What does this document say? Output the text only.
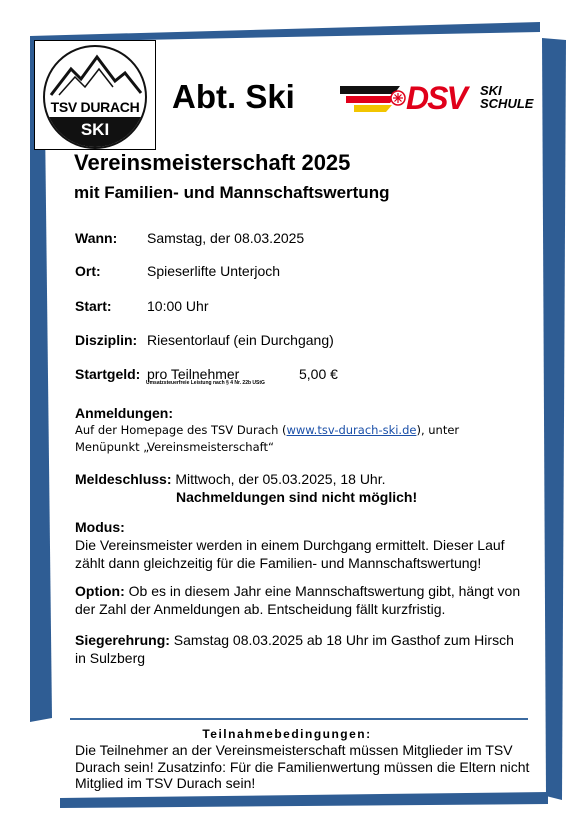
TSV DURACH
SKI
Abt. Ski	DSV SKI
SCHULE
Vereinsmeisterschaft 2025
mit Familien- und Mannschaftswertung
Wann: Samstag, der 08.03.2025
Ort:	Spieserlifte Unterjoch
Start:	10:00 Uhr
Disziplin: Riesentorlauf (ein Durchgang)
Startgeld: pro Teilnehmer	5,00 €
Umsatzsteuerfreie Leistung nach § 4 Nr. 22b UStG
Anmeldungen:
Auf der Homepage des TSV Durach (www.tsv-durach-ski.de), unter
Menüpunkt „Vereinsmeisterschaft“
Meldeschluss: Mittwoch, der 05.03.2025, 18 Uhr.
Nachmeldungen sind nicht möglich!
Modus:
Die Vereinsmeister werden in einem Durchgang ermittelt. Dieser Lauf zählt dann gleichzeitig für die Familien- und Mannschaftswertung!
Option: Ob es in diesem Jahr eine Mannschaftswertung gibt, hängt von der Zahl der Anmeldungen ab. Entscheidung fällt kurzfristig.
Siegerehrung: Samstag 08.03.2025 ab 18 Uhr im Gasthof zum Hirsch in Sulzberg
Teilnahmebedingungen:
Die Teilnehmer an der Vereinsmeisterschaft müssen Mitglieder im TSV Durach sein! Zusatzinfo: Für die Familienwertung müssen die Eltern nicht Mitglied im TSV Durach sein!
